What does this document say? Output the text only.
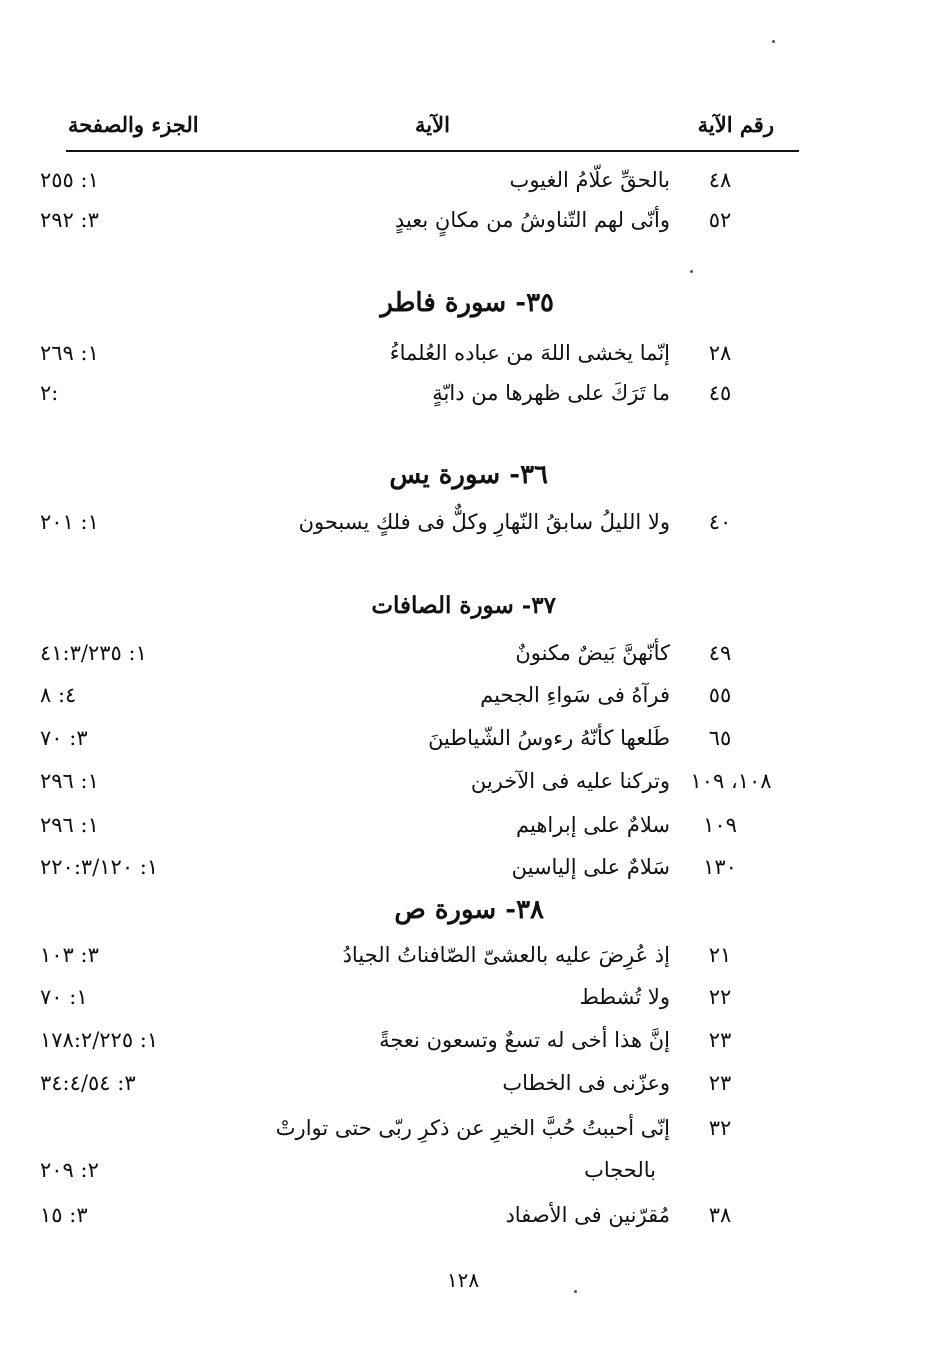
رقم الآية
الآية
الجزء والصفحة
٤٨
بالحقِّ علّامُ الغيوب
١: ٢٥٥
٥٢
وأنّى لهم التّناوشُ من مكانٍ بعيدٍ
٣: ٢٩٢
٣٥- سورة فاطر
٢٨
إنّما يخشى اللهَ من عباده العُلماءُ
١: ٢٦٩
٤٥
ما تَرَكَ على ظهرها من دابّةٍ
٢:
٣٦- سورة يس
٤٠
ولا الليلُ سابقُ النّهارِ وكلٌّ فى فلكٍ يسبحون
١: ٢٠١
٣٧- سورة الصافات
٤٩
كأنّهنَّ بَيضٌ مكنونٌ
١: ٤١:٣/٢٣٥
٥٥
فرآهُ فى سَواءِ الجحيم
٤: ٨
٦٥
طَلعها كأنّهُ رءوسُ الشّياطينَ
٣: ٧٠
١٠٨، ١٠٩
وتركنا عليه فى الآخرين
١: ٢٩٦
١٠٩
سلامٌ على إبراهيم
١: ٢٩٦
١٣٠
سَلامٌ على إلياسين
١: ٢٢٠:٣/١٢٠
٣٨- سورة ص
٢١
إذ عُرِضَ عليه بالعشىّ الصّافناتُ الجيادُ
٣: ١٠٣
٢٢
ولا تُشطط
١: ٧٠
٢٣
إنَّ هذا أخى له تسعٌ وتسعون نعجةً
١: ١٧٨:٢/٢٢٥
٢٣
وعزّنى فى الخطاب
٣: ٣٤:٤/٥٤
٣٢
إنّى أحببتُ حُبَّ الخيرِ عن ذكرِ ربّى حتى توارتْ
بالحجاب
٢: ٢٠٩
٣٨
مُقرّنين فى الأصفاد
٣: ١٥
١٢٨
